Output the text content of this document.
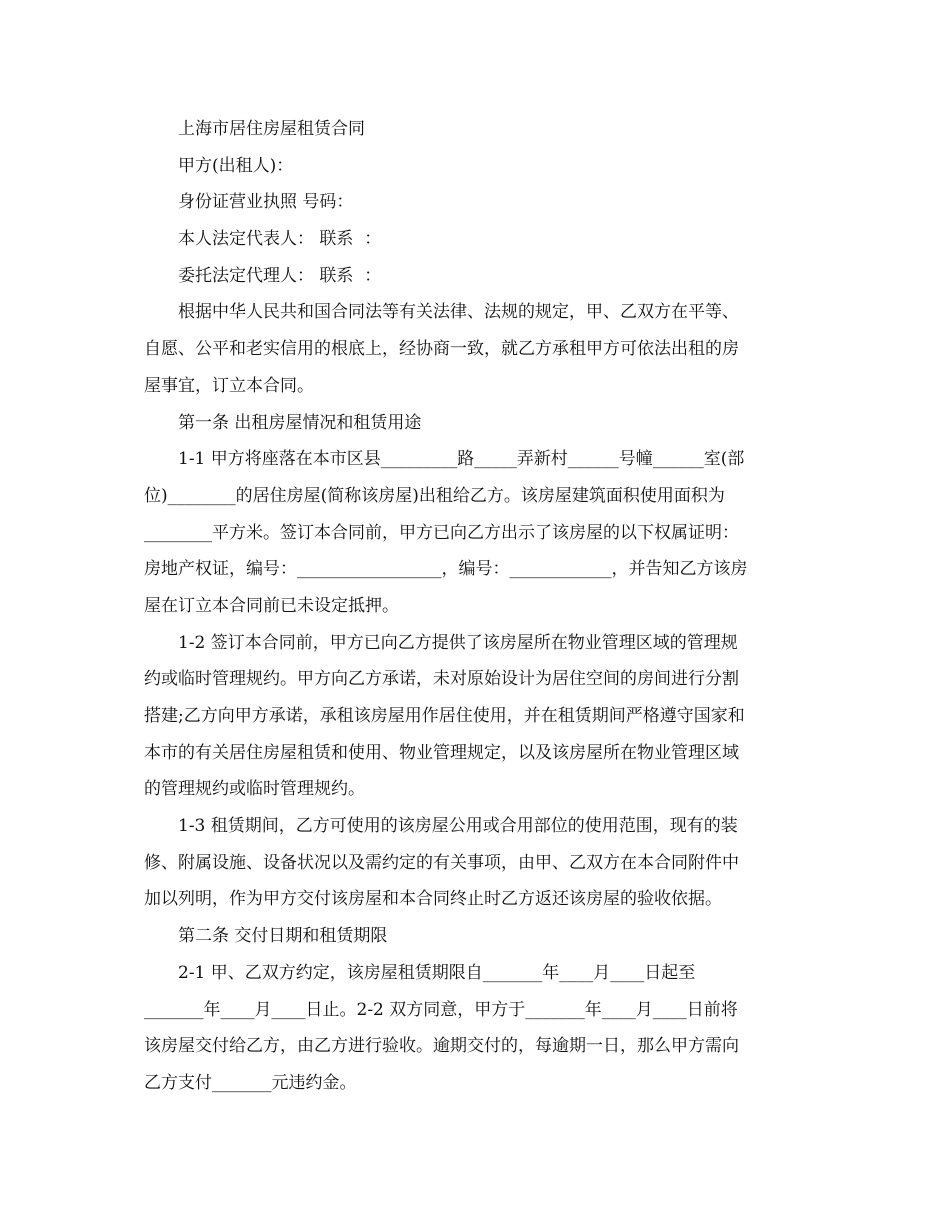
上海市居住房屋租赁合同
甲方(出租人)：
身份证营业执照 号码：
本人法定代表人： 联系  ：
委托法定代理人： 联系  ：
根据中华人民共和国合同法等有关法律、法规的规定，甲、乙双方在平等、
自愿、公平和老实信用的根底上，经协商一致，就乙方承租甲方可依法出租的房
屋事宜，订立本合同。
第一条 出租房屋情况和租赁用途
1-1 甲方将座落在本市区县_________路_____弄新村______号幢______室(部
位)________的居住房屋(简称该房屋)出租给乙方。该房屋建筑面积使用面积为
________平方米。签订本合同前，甲方已向乙方出示了该房屋的以下权属证明：
房地产权证，编号：_________________，编号：____________，并告知乙方该房
屋在订立本合同前已未设定抵押。
1-2 签订本合同前，甲方已向乙方提供了该房屋所在物业管理区域的管理规
约或临时管理规约。甲方向乙方承诺，未对原始设计为居住空间的房间进行分割
搭建;乙方向甲方承诺，承租该房屋用作居住使用，并在租赁期间严格遵守国家和
本市的有关居住房屋租赁和使用、物业管理规定，以及该房屋所在物业管理区域
的管理规约或临时管理规约。
1-3 租赁期间，乙方可使用的该房屋公用或合用部位的使用范围，现有的装
修、附属设施、设备状况以及需约定的有关事项，由甲、乙双方在本合同附件中
加以列明，作为甲方交付该房屋和本合同终止时乙方返还该房屋的验收依据。
第二条 交付日期和租赁期限
2-1 甲、乙双方约定，该房屋租赁期限自_______年____月____日起至
_______年____月____日止。2-2 双方同意，甲方于_______年____月____日前将
该房屋交付给乙方，由乙方进行验收。逾期交付的，每逾期一日，那么甲方需向
乙方支付_______元违约金。
